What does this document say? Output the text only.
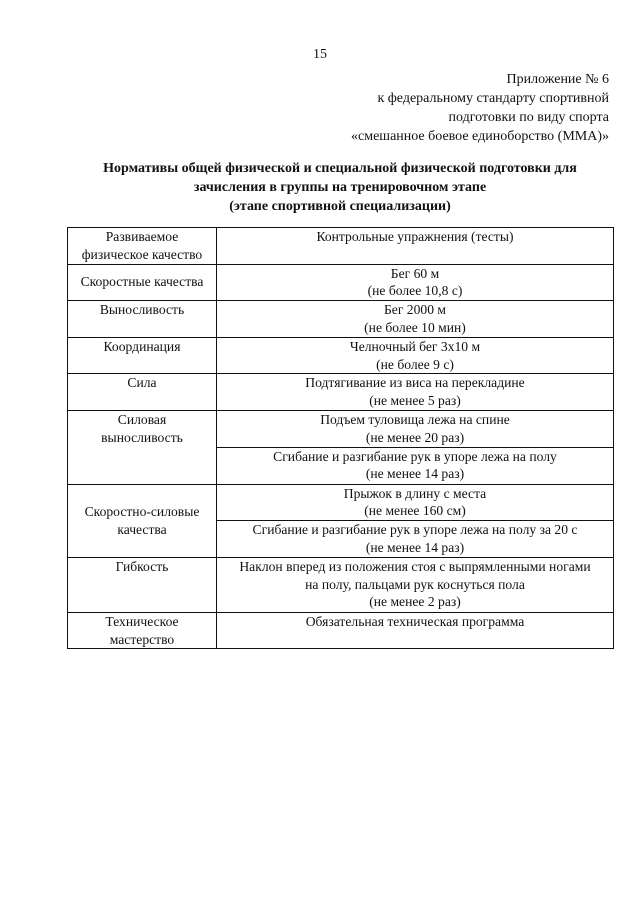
15
Приложение № 6
к федеральному стандарту спортивной
подготовки по виду спорта
«смешанное боевое единоборство (ММА)»
Нормативы общей физической и специальной физической подготовки для
зачисления в группы на тренировочном этапе
(этапе спортивной специализации)
Развиваемое
физическое качество	Контрольные упражнения (тесты)

Скоростные качества	Бег 60 м
(не более 10,8 с)

Выносливость	Бег 2000 м
(не более 10 мин)

Координация	Челночный бег 3х10 м
(не более 9 с)

Сила	Подтягивание из виса на перекладине
(не менее 5 раз)

Силовая
выносливость	Подъем туловища лежа на спине
(не менее 20 раз)

	Сгибание и разгибание рук в упоре лежа на полу
(не менее 14 раз)

Скоростно-силовые
качества	Прыжок в длину с места
(не менее 160 см)

	Сгибание и разгибание рук в упоре лежа на полу за 20 с
(не менее 14 раз)

Гибкость	Наклон вперед из положения стоя с выпрямленными ногами
на полу, пальцами рук коснуться пола
(не менее 2 раз)

Техническое
мастерство	Обязательная техническая программа
